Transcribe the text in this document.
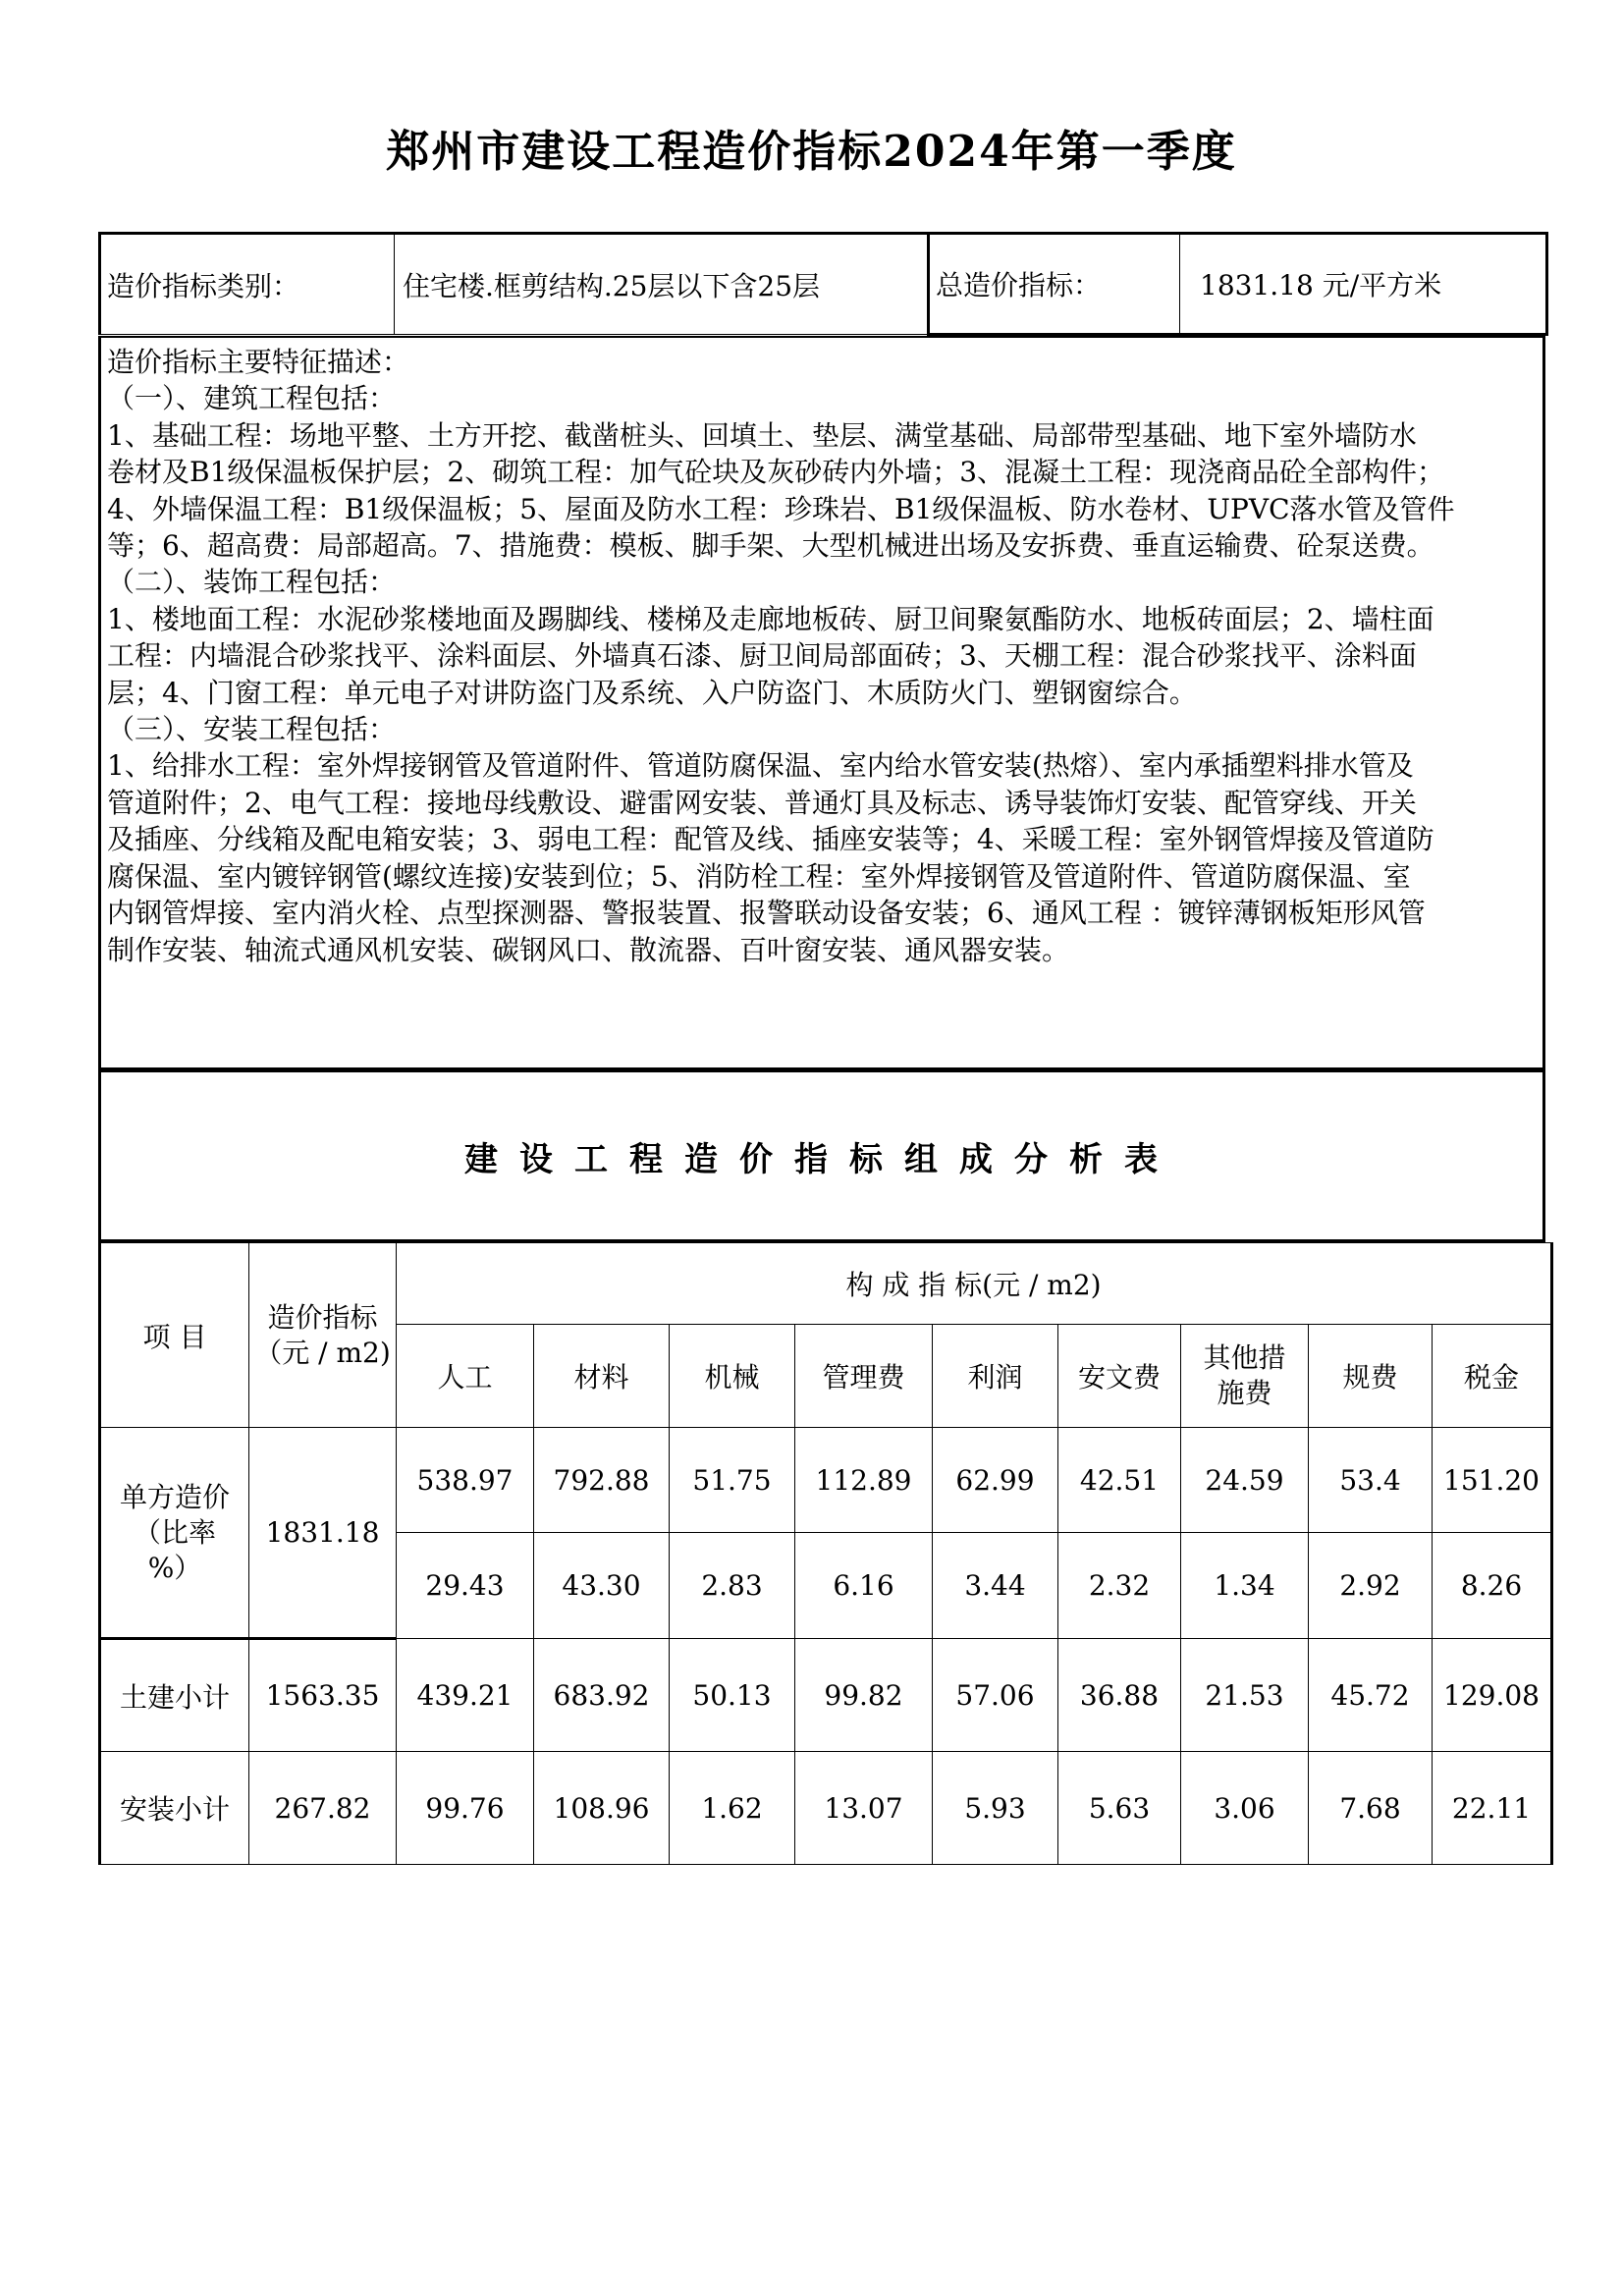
郑州市建设工程造价指标2024年第一季度
造价指标类别：	住宅楼.框剪结构.25层以下含25层	总造价指标：	1831.18 元/平方米

造价指标主要特征描述：

（一）、建筑工程包括：

1、基础工程：场地平整、土方开挖、截凿桩头、回填土、垫层、满堂基础、局部带型基础、地下室外墙防水

卷材及B1级保温板保护层；2、砌筑工程：加气砼块及灰砂砖内外墙；3、混凝土工程：现浇商品砼全部构件；

4、外墙保温工程：B1级保温板；5、屋面及防水工程：珍珠岩、B1级保温板、防水卷材、UPVC落水管及管件

等；6、超高费：局部超高。7、措施费：模板、脚手架、大型机械进出场及安拆费、垂直运输费、砼泵送费。

（二）、装饰工程包括：

1、楼地面工程：水泥砂浆楼地面及踢脚线、楼梯及走廊地板砖、厨卫间聚氨酯防水、地板砖面层；2、墙柱面

工程：内墙混合砂浆找平、涂料面层、外墙真石漆、厨卫间局部面砖；3、天棚工程：混合砂浆找平、涂料面

层；4、门窗工程：单元电子对讲防盗门及系统、入户防盗门、木质防火门、塑钢窗综合。

（三）、安装工程包括：

1、给排水工程：室外焊接钢管及管道附件、管道防腐保温、室内给水管安装(热熔）、室内承插塑料排水管及

管道附件；2、电气工程：接地母线敷设、避雷网安装、普通灯具及标志、诱导装饰灯安装、配管穿线、开关

及插座、分线箱及配电箱安装；3、弱电工程：配管及线、插座安装等；4、采暖工程：室外钢管焊接及管道防

腐保温、室内镀锌钢管(螺纹连接)安装到位；5、消防栓工程：室外焊接钢管及管道附件、管道防腐保温、室

内钢管焊接、室内消火栓、点型探测器、警报装置、报警联动设备安装；6、通风工程 ：镀锌薄钢板矩形风管

制作安装、轴流式通风机安装、碳钢风口、散流器、百叶窗安装、通风器安装。

建设工程造价指标组成分析表
项 目	造价指标
（元 / m2)	构 成 指 标(元 / m2)								
		人工	材料	机械	管理费	利润	安文费	其他措施费	规费	税金

单方造价
（比率
%）	1831.18	538.97	792.88	51.75	112.89	62.99	42.51	24.59	53.4	151.20
		29.43	43.30	2.83	6.16	3.44	2.32	1.34	2.92	8.26
土建小计	1563.35	439.21	683.92	50.13	99.82	57.06	36.88	21.53	45.72	129.08
安装小计	267.82	99.76	108.96	1.62	13.07	5.93	5.63	3.06	7.68	22.11
